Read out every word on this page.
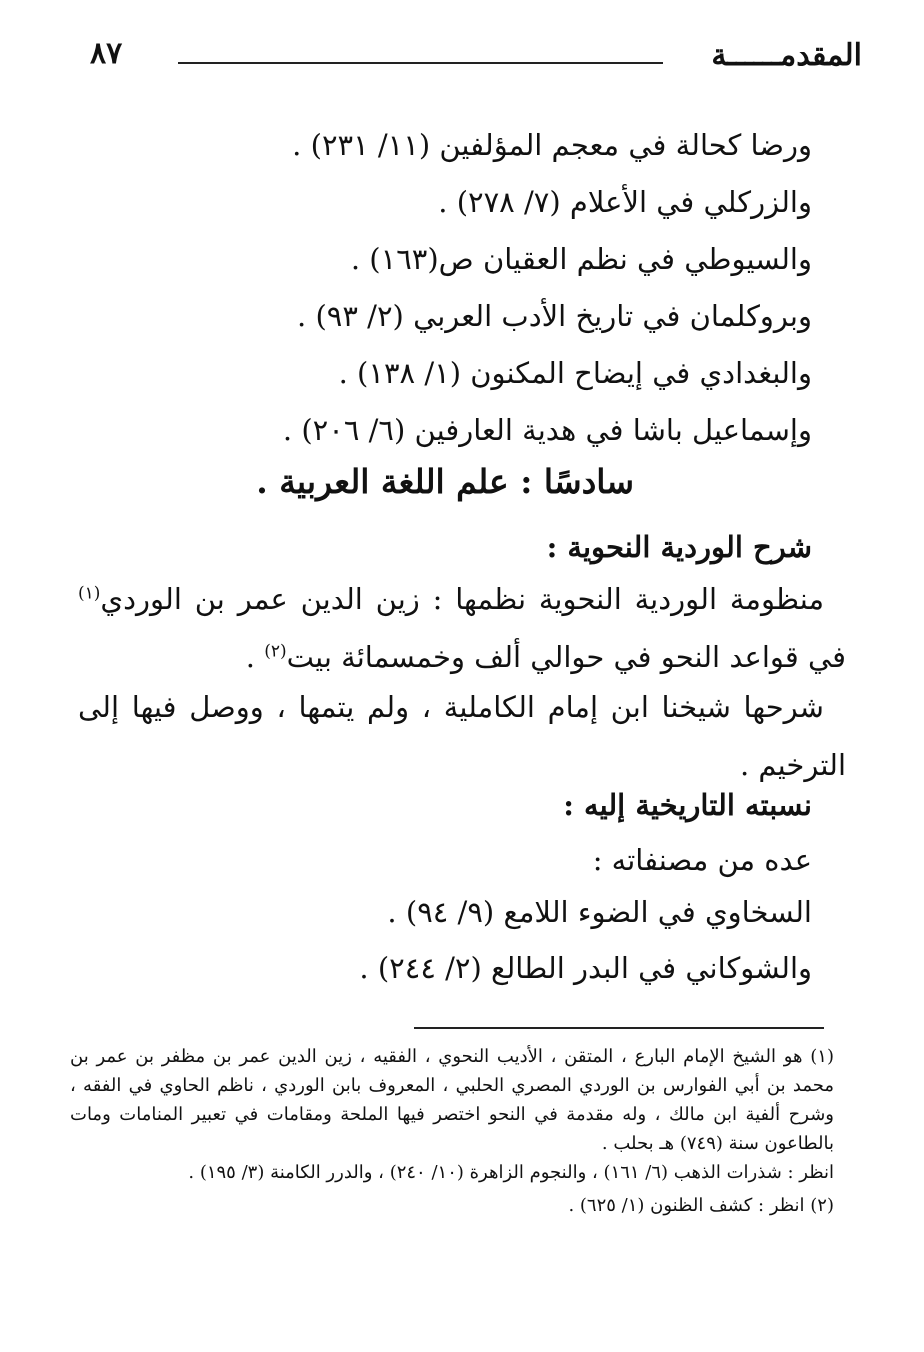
المقدمــــــة
٨٧
ورضا كحالة في معجم المؤلفين (١١/ ٢٣١) .
والزركلي في الأعلام (٧/ ٢٧٨) .
والسيوطي في نظم العقيان ص(١٦٣) .
وبروكلمان في تاريخ الأدب العربي (٢/ ٩٣) .
والبغدادي في إيضاح المكنون (١/ ١٣٨) .
وإسماعيل باشا في هدية العارفين (٦/ ٢٠٦) .
سادسًا : علم اللغة العربية .
شرح الوردية النحوية :
منظومة الوردية النحوية نظمها : زين الدين عمر بن الوردي$^{(١)}$ في قواعد النحو في حوالي ألف وخمسمائة بيت$^{(٢)}$ .
شرحها شيخنا ابن إمام الكاملية ، ولم يتمها ، ووصل فيها إلى الترخيم .
نسبته التاريخية إليه :
عده من مصنفاته :
السخاوي في الضوء اللامع (٩/ ٩٤) .
والشوكاني في البدر الطالع (٢/ ٢٤٤) .

(١) هو الشيخ الإمام البارع ، المتقن ، الأديب النحوي ، الفقيه ، زين الدين عمر بن مظفر بن عمر بن محمد بن أبي الفوارس بن الوردي المصري الحلبي ، المعروف بابن الوردي ، ناظم الحاوي في الفقه ، وشرح ألفية ابن مالك ، وله مقدمة في النحو اختصر فيها الملحة ومقامات في تعبير المنامات ومات بالطاعون سنة (٧٤٩) هـ بحلب .

انظر : شذرات الذهب (٦/ ١٦١) ، والنجوم الزاهرة (١٠/ ٢٤٠) ، والدرر الكامنة (٣/ ١٩٥) .

(٢) انظر : كشف الظنون (١/ ٦٢٥) .
